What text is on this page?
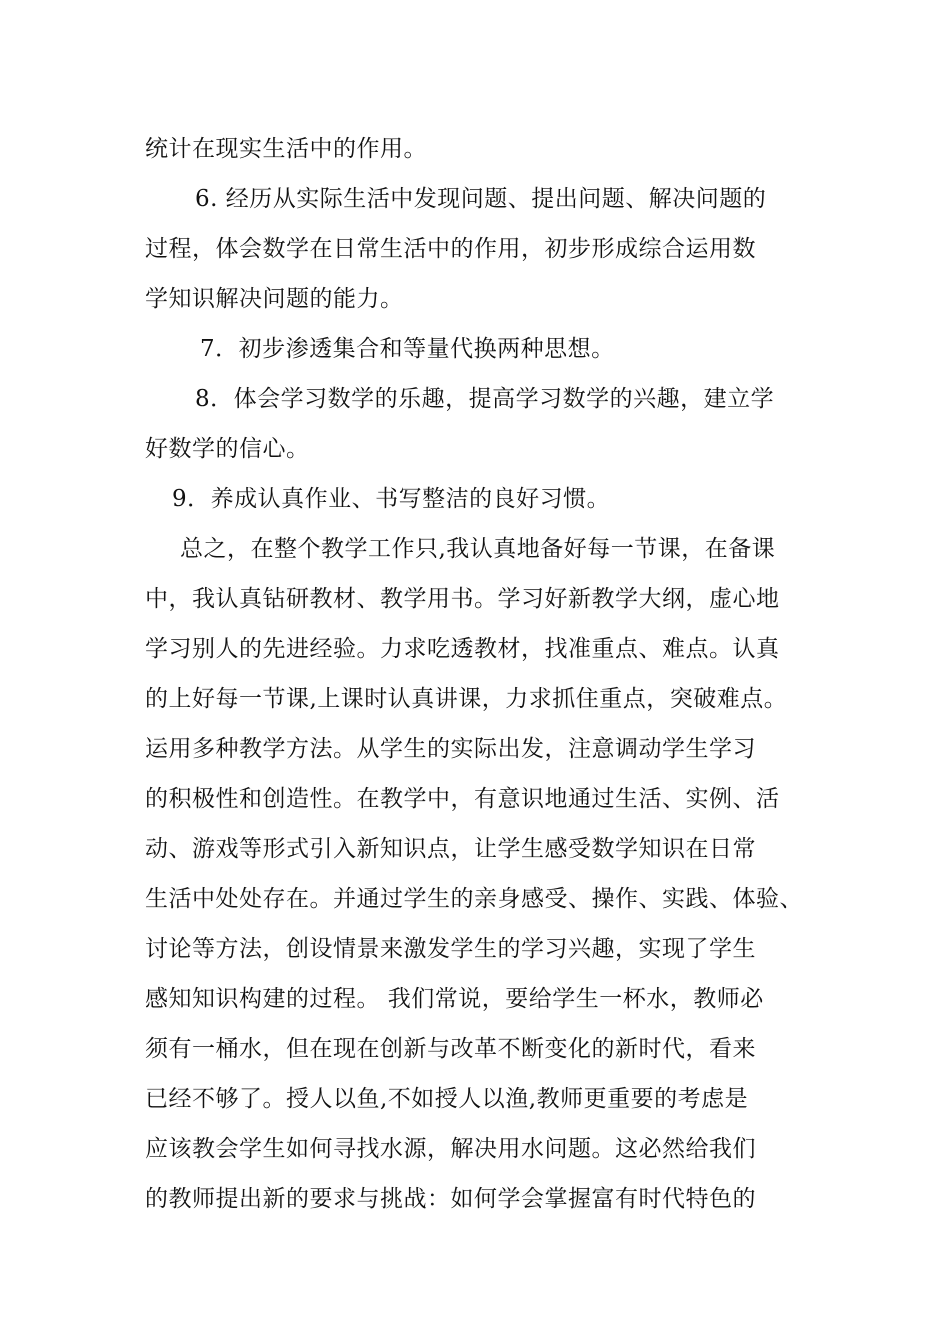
统计在现实生活中的作用。
6. 经历从实际生活中发现问题、提出问题、解决问题的
过程，体会数学在日常生活中的作用，初步形成综合运用数
学知识解决问题的能力。
7．初步渗透集合和等量代换两种思想。
8．体会学习数学的乐趣，提高学习数学的兴趣，建立学
好数学的信心。
9．养成认真作业、书写整洁的良好习惯。
总之，在整个教学工作只,我认真地备好每一节课，在备课
中，我认真钻研教材、教学用书。学习好新教学大纲，虚心地
学习别人的先进经验。力求吃透教材，找准重点、难点。认真
的上好每一节课,上课时认真讲课，力求抓住重点，突破难点。
运用多种教学方法。从学生的实际出发，注意调动学生学习
的积极性和创造性。在教学中，有意识地通过生活、实例、活
动、游戏等形式引入新知识点，让学生感受数学知识在日常
生活中处处存在。并通过学生的亲身感受、操作、实践、体验、
讨论等方法，创设情景来激发学生的学习兴趣，实现了学生
感知知识构建的过程。 我们常说，要给学生一杯水，教师必
须有一桶水，但在现在创新与改革不断变化的新时代，看来
已经不够了。授人以鱼,不如授人以渔,教师更重要的考虑是
应该教会学生如何寻找水源，解决用水问题。这必然给我们
的教师提出新的要求与挑战：如何学会掌握富有时代特色的
